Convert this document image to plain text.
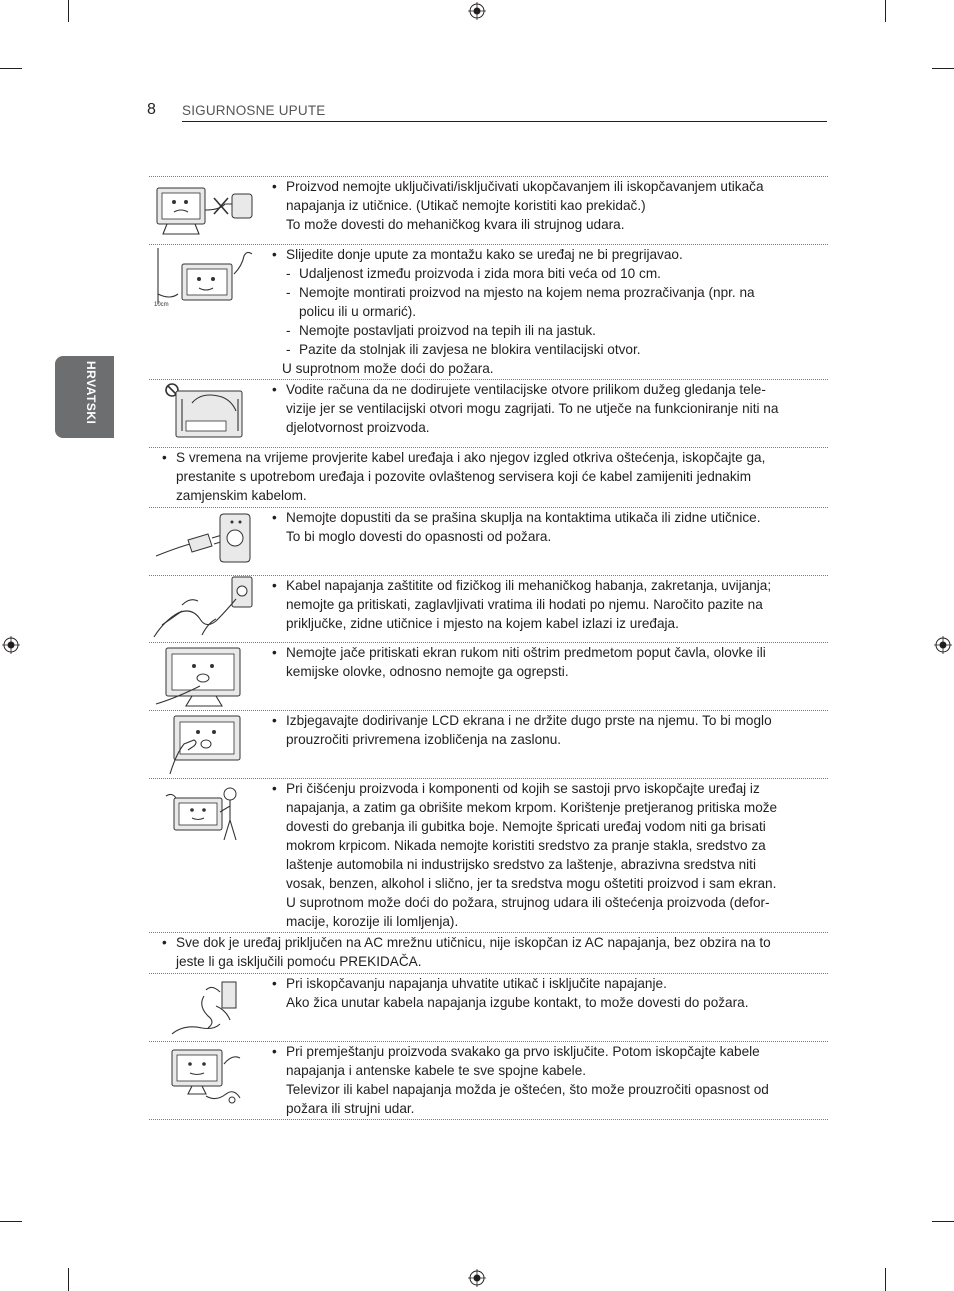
8 SIGURNOSNE UPUTE
HRVATSKI
10cm
• Proizvod nemojte uključivati/isključivati ukopčavanjem ili iskopčavanjem utikača
napajanja iz utičnice. (Utikač nemojte koristiti kao prekidač.)
To može dovesti do mehaničkog kvara ili strujnog udara.
• Slijedite donje upute za montažu kako se uređaj ne bi pregrijavao.
- Udaljenost između proizvoda i zida mora biti veća od 10 cm.
- Nemojte montirati proizvod na mjesto na kojem nema prozračivanja (npr. na
policu ili u ormarić).
- Nemojte postavljati proizvod na tepih ili na jastuk.
- Pazite da stolnjak ili zavjesa ne blokira ventilacijski otvor.
U suprotnom može doći do požara.
• Vodite računa da ne dodirujete ventilacijske otvore prilikom dužeg gledanja tele-
vizije jer se ventilacijski otvori mogu zagrijati. To ne utječe na funkcioniranje niti na
djelotvornost proizvoda.
• S vremena na vrijeme provjerite kabel uređaja i ako njegov izgled otkriva oštećenja, iskopčajte ga,
prestanite s upotrebom uređaja i pozovite ovlaštenog servisera koji će kabel zamijeniti jednakim
zamjenskim kabelom.
• Nemojte dopustiti da se prašina skuplja na kontaktima utikača ili zidne utičnice.
To bi moglo dovesti do opasnosti od požara.
• Kabel napajanja zaštitite od fizičkog ili mehaničkog habanja, zakretanja, uvijanja;
nemojte ga pritiskati, zaglavljivati vratima ili hodati po njemu. Naročito pazite na
priključke, zidne utičnice i mjesto na kojem kabel izlazi iz uređaja.
• Nemojte jače pritiskati ekran rukom niti oštrim predmetom poput čavla, olovke ili
kemijske olovke, odnosno nemojte ga ogrepsti.
• Izbjegavajte dodirivanje LCD ekrana i ne držite dugo prste na njemu. To bi moglo
prouzročiti privremena izobličenja na zaslonu.
• Pri čišćenju proizvoda i komponenti od kojih se sastoji prvo iskopčajte uređaj iz
napajanja, a zatim ga obrišite mekom krpom. Korištenje pretjeranog pritiska može
dovesti do grebanja ili gubitka boje. Nemojte špricati uređaj vodom niti ga brisati
mokrom krpicom. Nikada nemojte koristiti sredstvo za pranje stakla, sredstvo za
laštenje automobila ni industrijsko sredstvo za laštenje, abrazivna sredstva niti
vosak, benzen, alkohol i slično, jer ta sredstva mogu oštetiti proizvod i sam ekran.
U suprotnom može doći do požara, strujnog udara ili oštećenja proizvoda (defor-
macije, korozije ili lomljenja).
• Sve dok je uređaj priključen na AC mrežnu utičnicu, nije iskopčan iz AC napajanja, bez obzira na to
jeste li ga isključili pomoću PREKIDAČA.
• Pri iskopčavanju napajanja uhvatite utikač i isključite napajanje.
Ako žica unutar kabela napajanja izgube kontakt, to može dovesti do požara.
• Pri premještanju proizvoda svakako ga prvo isključite. Potom iskopčajte kabele
napajanja i antenske kabele te sve spojne kabele.
Televizor ili kabel napajanja možda je oštećen, što može prouzročiti opasnost od
požara ili strujni udar.
